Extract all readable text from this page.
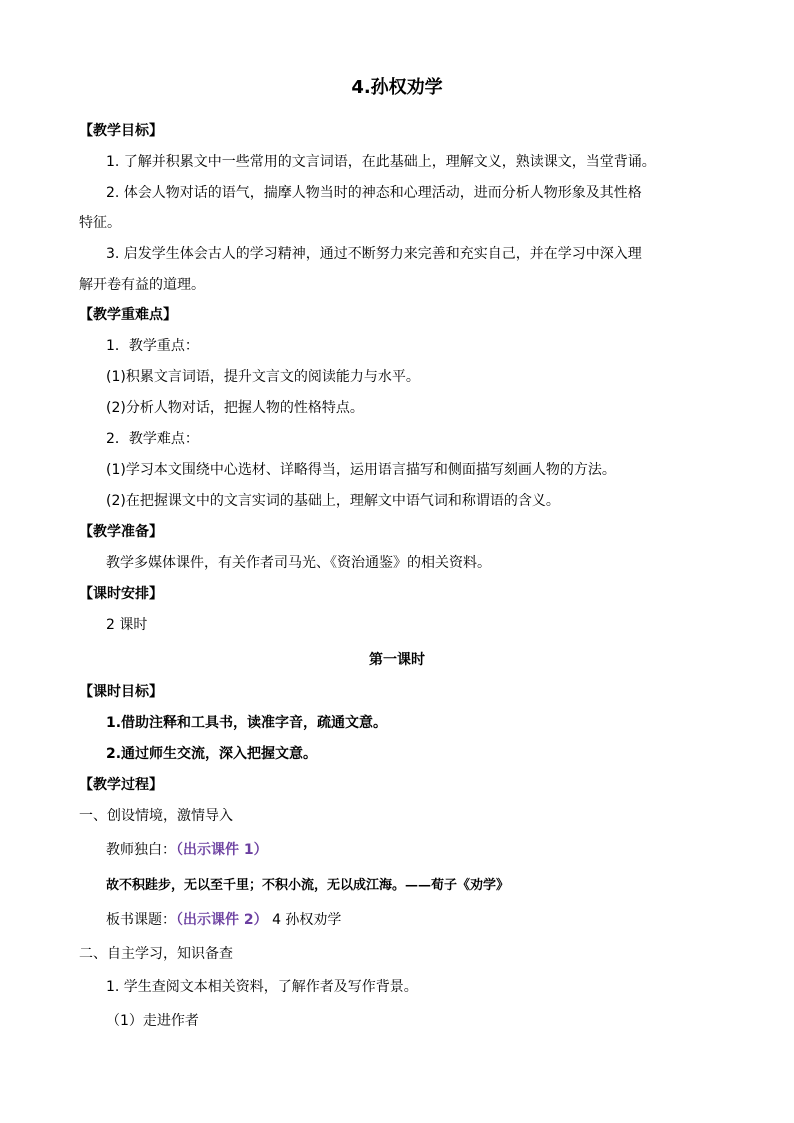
4.孙权劝学
【教学目标】
1. 了解并积累文中一些常用的文言词语，在此基础上，理解文义，熟读课文，当堂背诵。
2. 体会人物对话的语气，揣摩人物当时的神态和心理活动，进而分析人物形象及其性格
特征。
3. 启发学生体会古人的学习精神，通过不断努力来完善和充实自己，并在学习中深入理
解开卷有益的道理。
【教学重难点】
1．教学重点：
(1)积累文言词语，提升文言文的阅读能力与水平。
(2)分析人物对话，把握人物的性格特点。
2．教学难点：
(1)学习本文围绕中心选材、详略得当，运用语言描写和侧面描写刻画人物的方法。
(2)在把握课文中的文言实词的基础上，理解文中语气词和称谓语的含义。
【教学准备】
教学多媒体课件，有关作者司马光、《资治通鉴》的相关资料。
【课时安排】
2 课时
第一课时
【课时目标】
1.借助注释和工具书，读准字音，疏通文意。
2.通过师生交流，深入把握文意。
【教学过程】
一、创设情境，激情导入
教师独白：（出示课件 1）
故不积跬步，无以至千里；不积小流，无以成江海。——荀子《劝学》
板书课题：（出示课件 2） 4 孙权劝学
二、自主学习，知识备查
1. 学生查阅文本相关资料，了解作者及写作背景。
（1）走进作者
